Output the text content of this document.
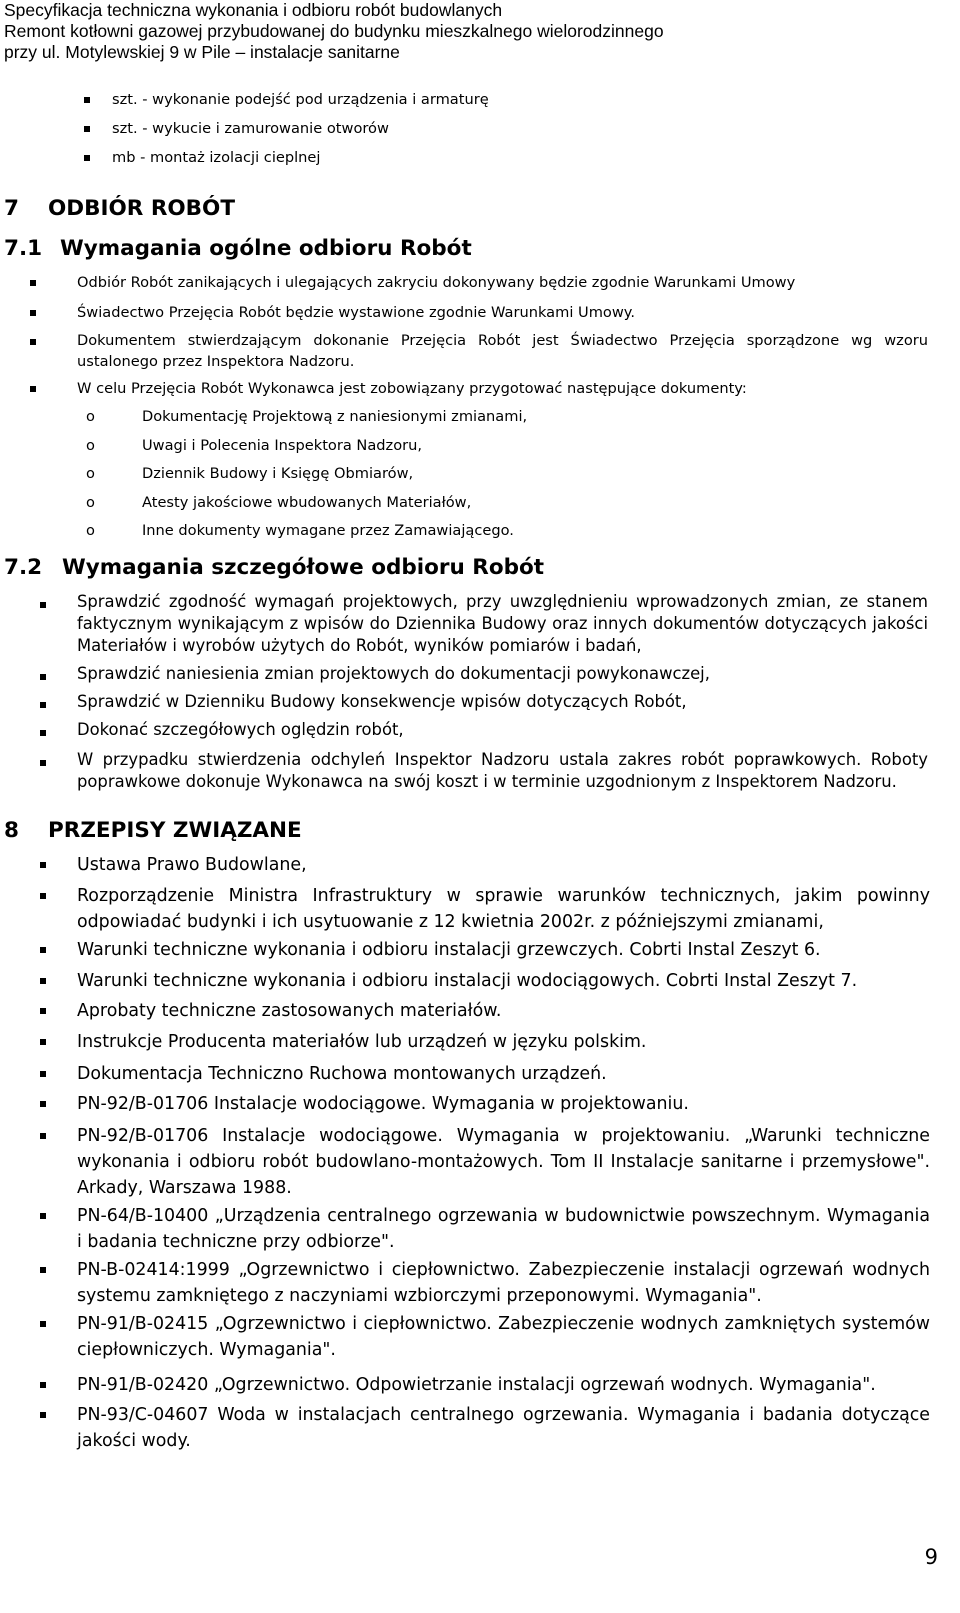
Specyfikacja techniczna wykonania i odbioru robót budowlanych
Remont kotłowni gazowej przybudowanej do budynku mieszkalnego wielorodzinnego
przy ul. Motylewskiej 9 w Pile – instalacje sanitarne
szt. - wykonanie podejść pod urządzenia i armaturę
szt. - wykucie i zamurowanie otworów
mb - montaż izolacji cieplnej
7 ODBIÓR ROBÓT
7.1 Wymagania ogólne odbioru Robót
Odbiór Robót zanikających i ulegających zakryciu dokonywany będzie zgodnie Warunkami Umowy
Świadectwo Przejęcia Robót będzie wystawione zgodnie Warunkami Umowy.
Dokumentem stwierdzającym dokonanie Przejęcia Robót jest Świadectwo Przejęcia sporządzone wg wzoru ustalonego przez Inspektora Nadzoru.
W celu Przejęcia Robót Wykonawca jest zobowiązany przygotować następujące dokumenty:
o	Dokumentację Projektową z naniesionymi zmianami,
o	Uwagi i Polecenia Inspektora Nadzoru,
o	Dziennik Budowy i Księgę Obmiarów,
o	Atesty jakościowe wbudowanych Materiałów,
o	Inne dokumenty wymagane przez Zamawiającego.
7.2 Wymagania szczegółowe odbioru Robót
Sprawdzić zgodność wymagań projektowych, przy uwzględnieniu wprowadzonych zmian, ze stanem faktycznym wynikającym z wpisów do Dziennika Budowy oraz innych dokumentów dotyczących jakości Materiałów i wyrobów użytych do Robót, wyników pomiarów i badań,
Sprawdzić naniesienia zmian projektowych do dokumentacji powykonawczej,
Sprawdzić w Dzienniku Budowy konsekwencje wpisów dotyczących Robót,
Dokonać szczegółowych oględzin robót,
W przypadku stwierdzenia odchyleń Inspektor Nadzoru ustala zakres robót poprawkowych. Roboty poprawkowe dokonuje Wykonawca na swój koszt i w terminie uzgodnionym z Inspektorem Nadzoru.
8 PRZEPISY ZWIĄZANE
Ustawa Prawo Budowlane,
Rozporządzenie Ministra Infrastruktury w sprawie warunków technicznych, jakim powinny odpowiadać budynki i ich usytuowanie z 12 kwietnia 2002r. z późniejszymi zmianami,
Warunki techniczne wykonania i odbioru instalacji grzewczych. Cobrti Instal Zeszyt 6.
Warunki techniczne wykonania i odbioru instalacji wodociągowych. Cobrti Instal Zeszyt 7.
Aprobaty techniczne zastosowanych materiałów.
Instrukcje Producenta materiałów lub urządzeń w języku polskim.
Dokumentacja Techniczno Ruchowa montowanych urządzeń.
PN-92/B-01706 Instalacje wodociągowe. Wymagania w projektowaniu.
PN-92/B-01706 Instalacje wodociągowe. Wymagania w projektowaniu. „Warunki techniczne wykonania i odbioru robót budowlano-montażowych. Tom II Instalacje sanitarne i przemysłowe". Arkady, Warszawa 1988.
PN-64/B-10400 „Urządzenia centralnego ogrzewania w budownictwie powszechnym. Wymagania i badania techniczne przy odbiorze".
PN-B-02414:1999 „Ogrzewnictwo i ciepłownictwo. Zabezpieczenie instalacji ogrzewań wodnych systemu zamkniętego z naczyniami wzbiorczymi przeponowymi. Wymagania".
PN-91/B-02415 „Ogrzewnictwo i ciepłownictwo. Zabezpieczenie wodnych zamkniętych systemów ciepłowniczych. Wymagania".
PN-91/B-02420 „Ogrzewnictwo. Odpowietrzanie instalacji ogrzewań wodnych. Wymagania".
PN-93/C-04607 Woda w instalacjach centralnego ogrzewania. Wymagania i badania dotyczące jakości wody.
9
